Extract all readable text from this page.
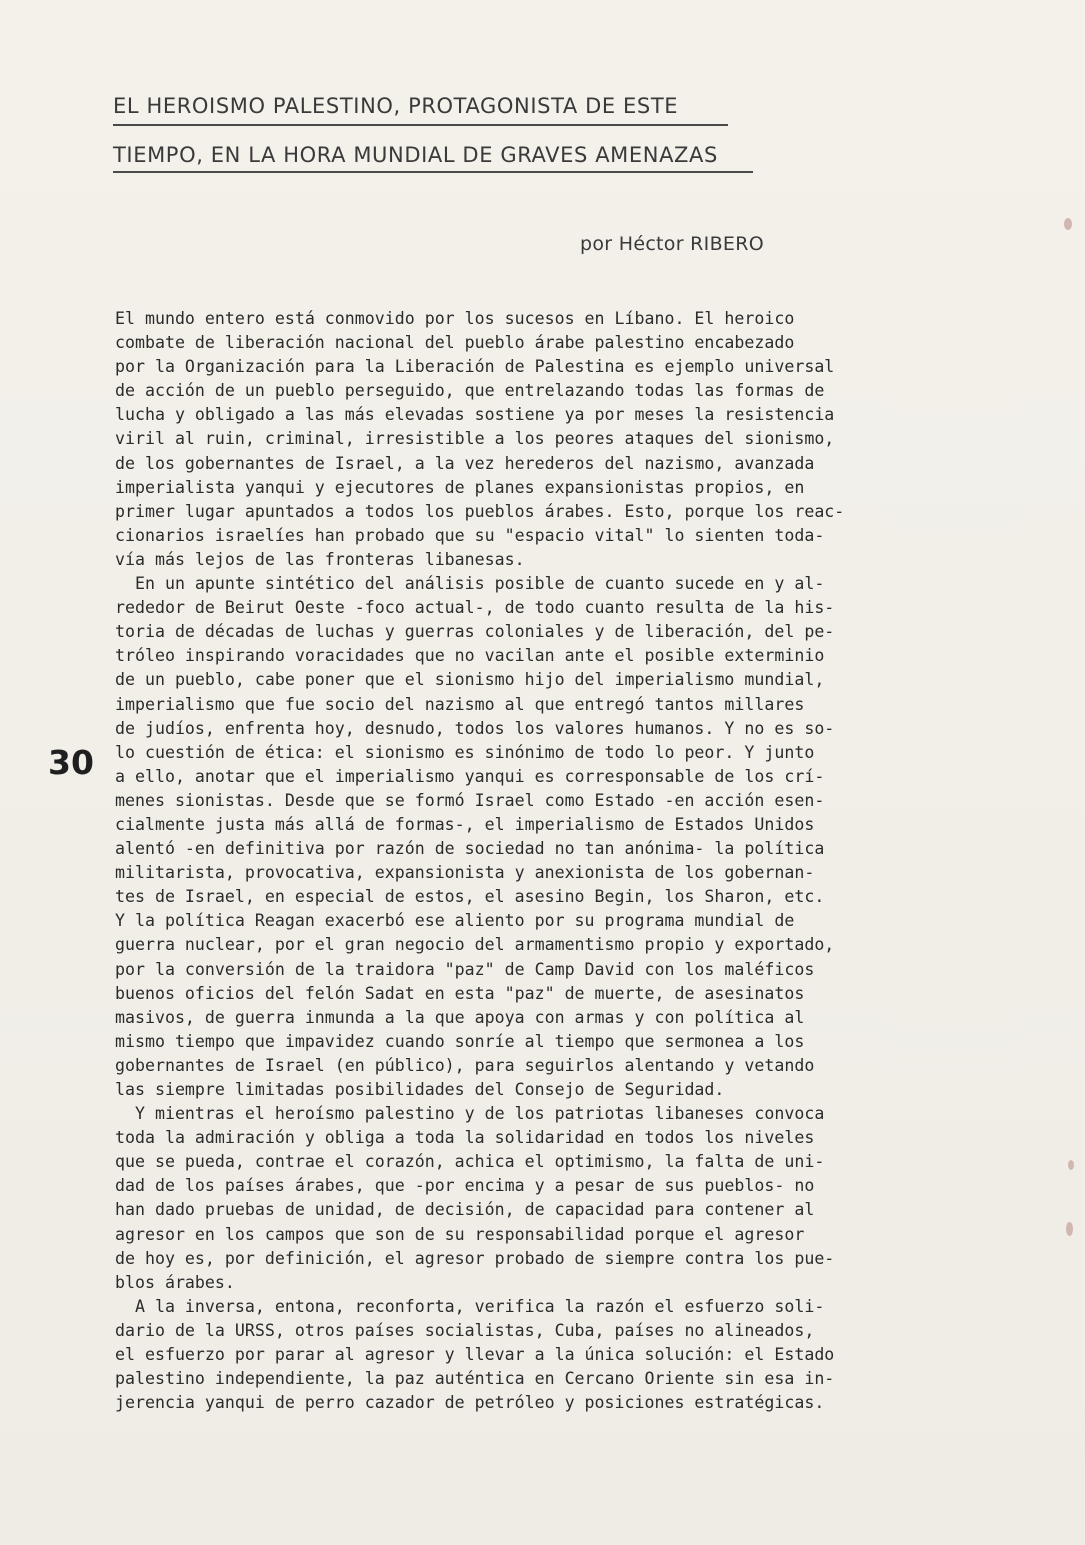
EL HEROISMO PALESTINO, PROTAGONISTA DE ESTE
TIEMPO, EN LA HORA MUNDIAL DE GRAVES AMENAZAS
por Héctor RIBERO
30
El mundo entero está conmovido por los sucesos en Líbano. El heroico
combate de liberación nacional del pueblo árabe palestino encabezado
por la Organización para la Liberación de Palestina es ejemplo universal
de acción de un pueblo perseguido, que entrelazando todas las formas de
lucha y obligado a las más elevadas sostiene ya por meses la resistencia
viril al ruin, criminal, irresistible a los peores ataques del sionismo,
de los gobernantes de Israel, a la vez herederos del nazismo, avanzada
imperialista yanqui y ejecutores de planes expansionistas propios, en
primer lugar apuntados a todos los pueblos árabes. Esto, porque los reac-
cionarios israelíes han probado que su "espacio vital" lo sienten toda-
vía más lejos de las fronteras libanesas.
En un apunte sintético del análisis posible de cuanto sucede en y al-
rededor de Beirut Oeste -foco actual-, de todo cuanto resulta de la his-
toria de décadas de luchas y guerras coloniales y de liberación, del pe-
tróleo inspirando voracidades que no vacilan ante el posible exterminio
de un pueblo, cabe poner que el sionismo hijo del imperialismo mundial,
imperialismo que fue socio del nazismo al que entregó tantos millares
de judíos, enfrenta hoy, desnudo, todos los valores humanos. Y no es so-
lo cuestión de ética: el sionismo es sinónimo de todo lo peor. Y junto
a ello, anotar que el imperialismo yanqui es corresponsable de los crí-
menes sionistas. Desde que se formó Israel como Estado -en acción esen-
cialmente justa más allá de formas-, el imperialismo de Estados Unidos
alentó -en definitiva por razón de sociedad no tan anónima- la política
militarista, provocativa, expansionista y anexionista de los gobernan-
tes de Israel, en especial de estos, el asesino Begin, los Sharon, etc.
Y la política Reagan exacerbó ese aliento por su programa mundial de
guerra nuclear, por el gran negocio del armamentismo propio y exportado,
por la conversión de la traidora "paz" de Camp David con los maléficos
buenos oficios del felón Sadat en esta "paz" de muerte, de asesinatos
masivos, de guerra inmunda a la que apoya con armas y con política al
mismo tiempo que impavidez cuando sonríe al tiempo que sermonea a los
gobernantes de Israel (en público), para seguirlos alentando y vetando
las siempre limitadas posibilidades del Consejo de Seguridad.
Y mientras el heroísmo palestino y de los patriotas libaneses convoca
toda la admiración y obliga a toda la solidaridad en todos los niveles
que se pueda, contrae el corazón, achica el optimismo, la falta de uni-
dad de los países árabes, que -por encima y a pesar de sus pueblos- no
han dado pruebas de unidad, de decisión, de capacidad para contener al
agresor en los campos que son de su responsabilidad porque el agresor
de hoy es, por definición, el agresor probado de siempre contra los pue-
blos árabes.
A la inversa, entona, reconforta, verifica la razón el esfuerzo soli-
dario de la URSS, otros países socialistas, Cuba, países no alineados,
el esfuerzo por parar al agresor y llevar a la única solución: el Estado
palestino independiente, la paz auténtica en Cercano Oriente sin esa in-
jerencia yanqui de perro cazador de petróleo y posiciones estratégicas.
